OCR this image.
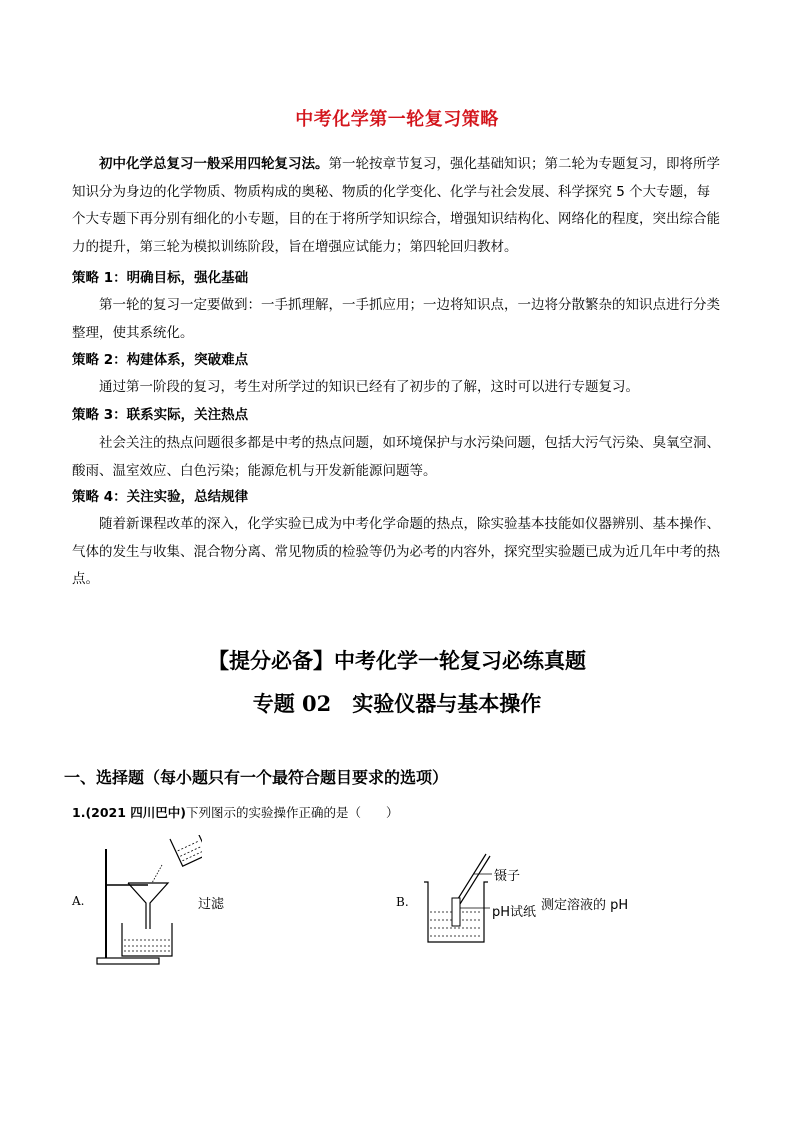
中考化学第一轮复习策略
初中化学总复习一般采用四轮复习法。第一轮按章节复习，强化基础知识；第二轮为专题复习，即将所学知识分为身边的化学物质、物质构成的奥秘、物质的化学变化、化学与社会发展、科学探究 5 个大专题，每个大专题下再分别有细化的小专题，目的在于将所学知识综合，增强知识结构化、网络化的程度，突出综合能力的提升，第三轮为模拟训练阶段，旨在增强应试能力；第四轮回归教材。
策略 1：明确目标，强化基础
第一轮的复习一定要做到：一手抓理解，一手抓应用；一边将知识点，一边将分散繁杂的知识点进行分类整理，使其系统化。
策略 2：构建体系，突破难点
通过第一阶段的复习，考生对所学过的知识已经有了初步的了解，这时可以进行专题复习。
策略 3：联系实际，关注热点
社会关注的热点问题很多都是中考的热点问题，如环境保护与水污染问题，包括大污气污染、臭氧空洞、酸雨、温室效应、白色污染；能源危机与开发新能源问题等。
策略 4：关注实验，总结规律
随着新课程改革的深入，化学实验已成为中考化学命题的热点，除实验基本技能如仪器辨别、基本操作、气体的发生与收集、混合物分离、常见物质的检验等仍为必考的内容外，探究型实验题已成为近几年中考的热点。
【提分必备】中考化学一轮复习必练真题
专题 02　实验仪器与基本操作
一、选择题（每小题只有一个最符合题目要求的选项）
1.(2021 四川巴中)下列图示的实验操作正确的是（　　）
A.	过滤	B.
镊子
pH试纸 测定溶液的 pH
